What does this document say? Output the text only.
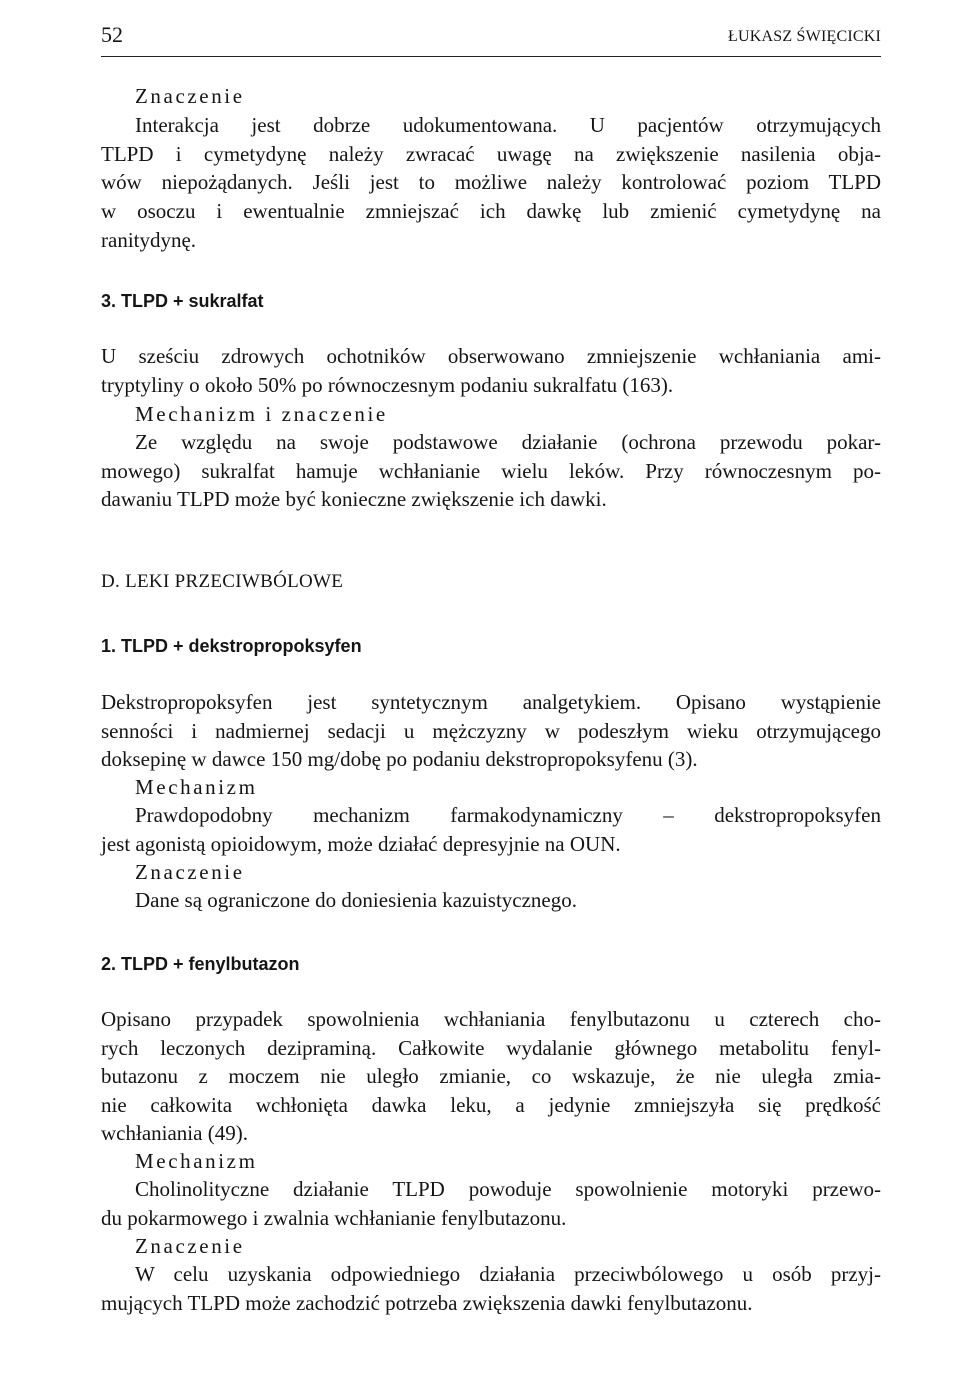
52	ŁUKASZ ŚWIĘCICKI
Znaczenie
Interakcja jest dobrze udokumentowana. U pacjentów otrzymujących
TLPD i cymetydynę należy zwracać uwagę na zwiększenie nasilenia obja-
wów niepożądanych. Jeśli jest to możliwe należy kontrolować poziom TLPD
w osoczu i ewentualnie zmniejszać ich dawkę lub zmienić cymetydynę na
ranitydynę.
3. TLPD + sukralfat
U sześciu zdrowych ochotników obserwowano zmniejszenie wchłaniania ami-
tryptyliny o około 50% po równoczesnym podaniu sukralfatu (163).
Mechanizm i znaczenie
Ze względu na swoje podstawowe działanie (ochrona przewodu pokar-
mowego) sukralfat hamuje wchłanianie wielu leków. Przy równoczesnym po-
dawaniu TLPD może być konieczne zwiększenie ich dawki.
D. LEKI PRZECIWBÓLOWE
1. TLPD + dekstropropoksyfen
Dekstropropoksyfen jest syntetycznym analgetykiem. Opisano wystąpienie
senności i nadmiernej sedacji u mężczyzny w podeszłym wieku otrzymującego
doksepinę w dawce 150 mg/dobę po podaniu dekstropropoksyfenu (3).
Mechanizm
Prawdopodobny mechanizm farmakodynamiczny – dekstropropoksyfen
jest agonistą opioidowym, może działać depresyjnie na OUN.
Znaczenie
Dane są ograniczone do doniesienia kazuistycznego.
2. TLPD + fenylbutazon
Opisano przypadek spowolnienia wchłaniania fenylbutazonu u czterech cho-
rych leczonych dezipraminą. Całkowite wydalanie głównego metabolitu fenyl-
butazonu z moczem nie uległo zmianie, co wskazuje, że nie uległa zmia-
nie całkowita wchłonięta dawka leku, a jedynie zmniejszyła się prędkość
wchłaniania (49).
Mechanizm
Cholinolityczne działanie TLPD powoduje spowolnienie motoryki przewo-
du pokarmowego i zwalnia wchłanianie fenylbutazonu.
Znaczenie
W celu uzyskania odpowiedniego działania przeciwbólowego u osób przyj-
mujących TLPD może zachodzić potrzeba zwiększenia dawki fenylbutazonu.
